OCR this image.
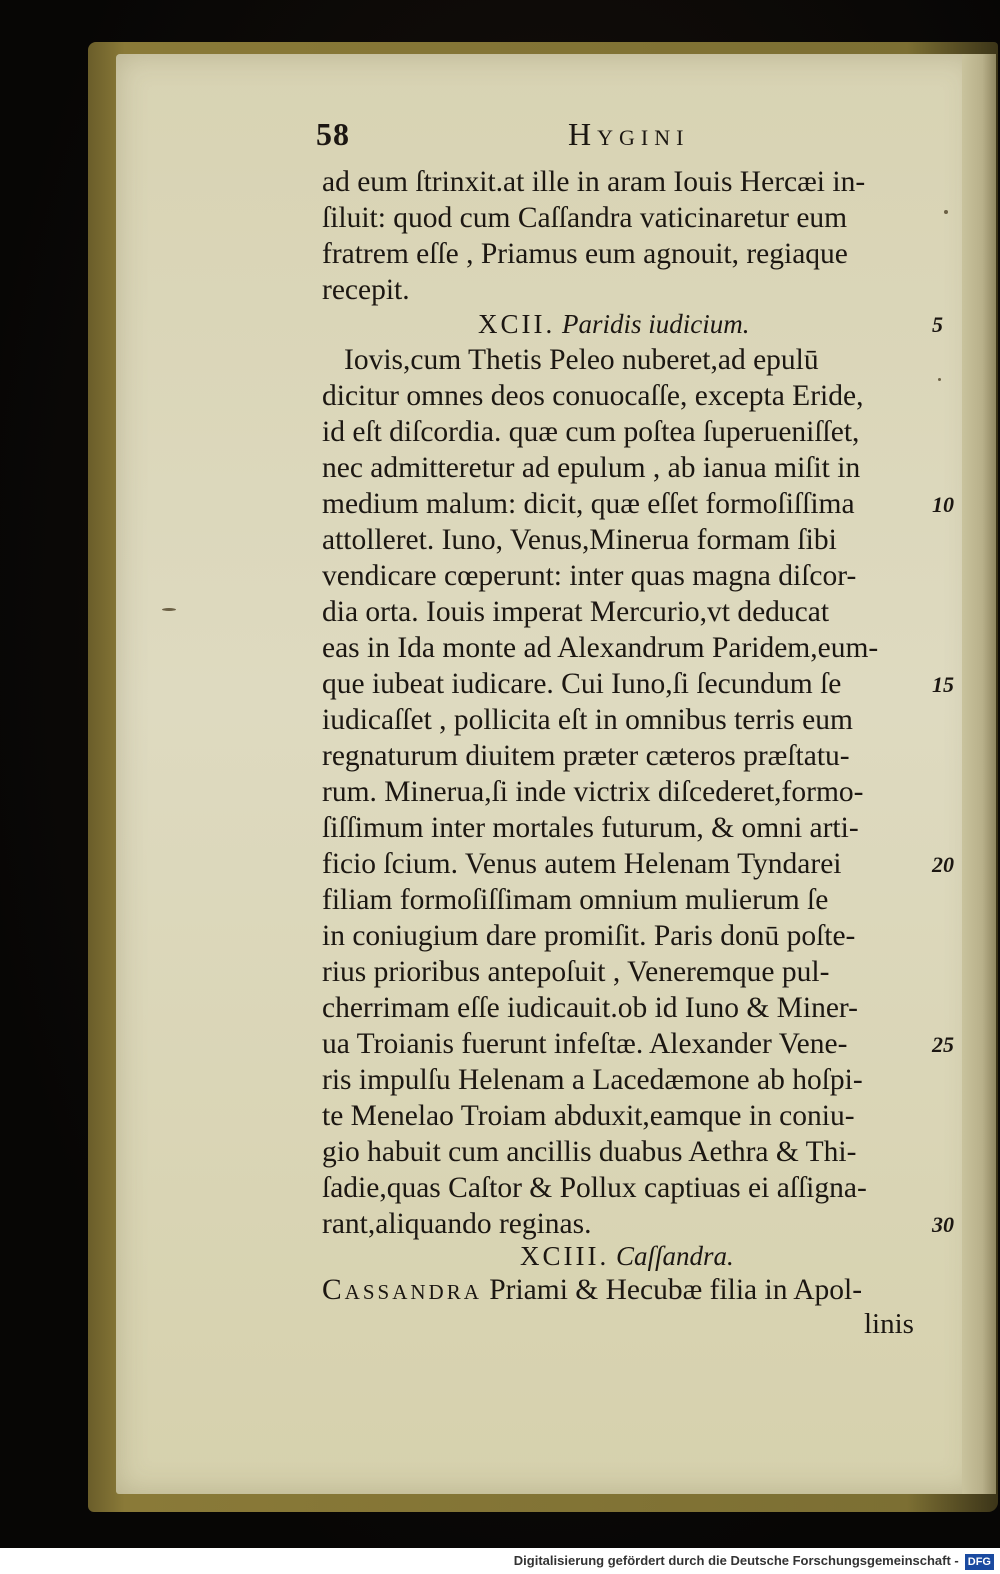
58	Hygini
ad eum ſtrinxit.at ille in aram Iouis Hercæi in-
ſiluit: quod cum Caſſandra vaticinaretur eum
fratrem eſſe , Priamus eum agnouit, regiaque
recepit.
XCII. Paridis iudicium.
Iovis,cum Thetis Peleo nuberet,ad epulū
dicitur omnes deos conuocaſſe, excepta Eride,
id eſt diſcordia. quæ cum poſtea ſuperueniſſet,
nec admitteretur ad epulum , ab ianua miſit in
medium malum: dicit, quæ eſſet formoſiſſima
attolleret. Iuno, Venus,Minerua formam ſibi
vendicare cœperunt: inter quas magna diſcor-
dia orta. Iouis imperat Mercurio,vt deducat
eas in Ida monte ad Alexandrum Paridem,eum-
que iubeat iudicare. Cui Iuno,ſi ſecundum ſe
iudicaſſet , pollicita eſt in omnibus terris eum
regnaturum diuitem præter cæteros præſtatu-
rum. Minerua,ſi inde victrix diſcederet,formo-
ſiſſimum inter mortales futurum, & omni arti-
ficio ſcium. Venus autem Helenam Tyndarei
filiam formoſiſſimam omnium mulierum ſe
in coniugium dare promiſit. Paris donū poſte-
rius prioribus antepoſuit , Veneremque pul-
cherrimam eſſe iudicauit.ob id Iuno & Miner-
ua Troianis fuerunt infeſtæ. Alexander Vene-
ris impulſu Helenam a Lacedæmone ab hoſpi-
te Menelao Troiam abduxit,eamque in coniu-
gio habuit cum ancillis duabus Aethra & Thi-
ſadie,quas Caſtor & Pollux captiuas ei aſſigna-
rant,aliquando reginas.
XCIII. Caſſandra.
Cassandra Priami & Hecubæ filia in Apol-
linis
5
10
15
20
25
30
Digitalisierung gefördert durch die Deutsche Forschungsgemeinschaft - DFG
